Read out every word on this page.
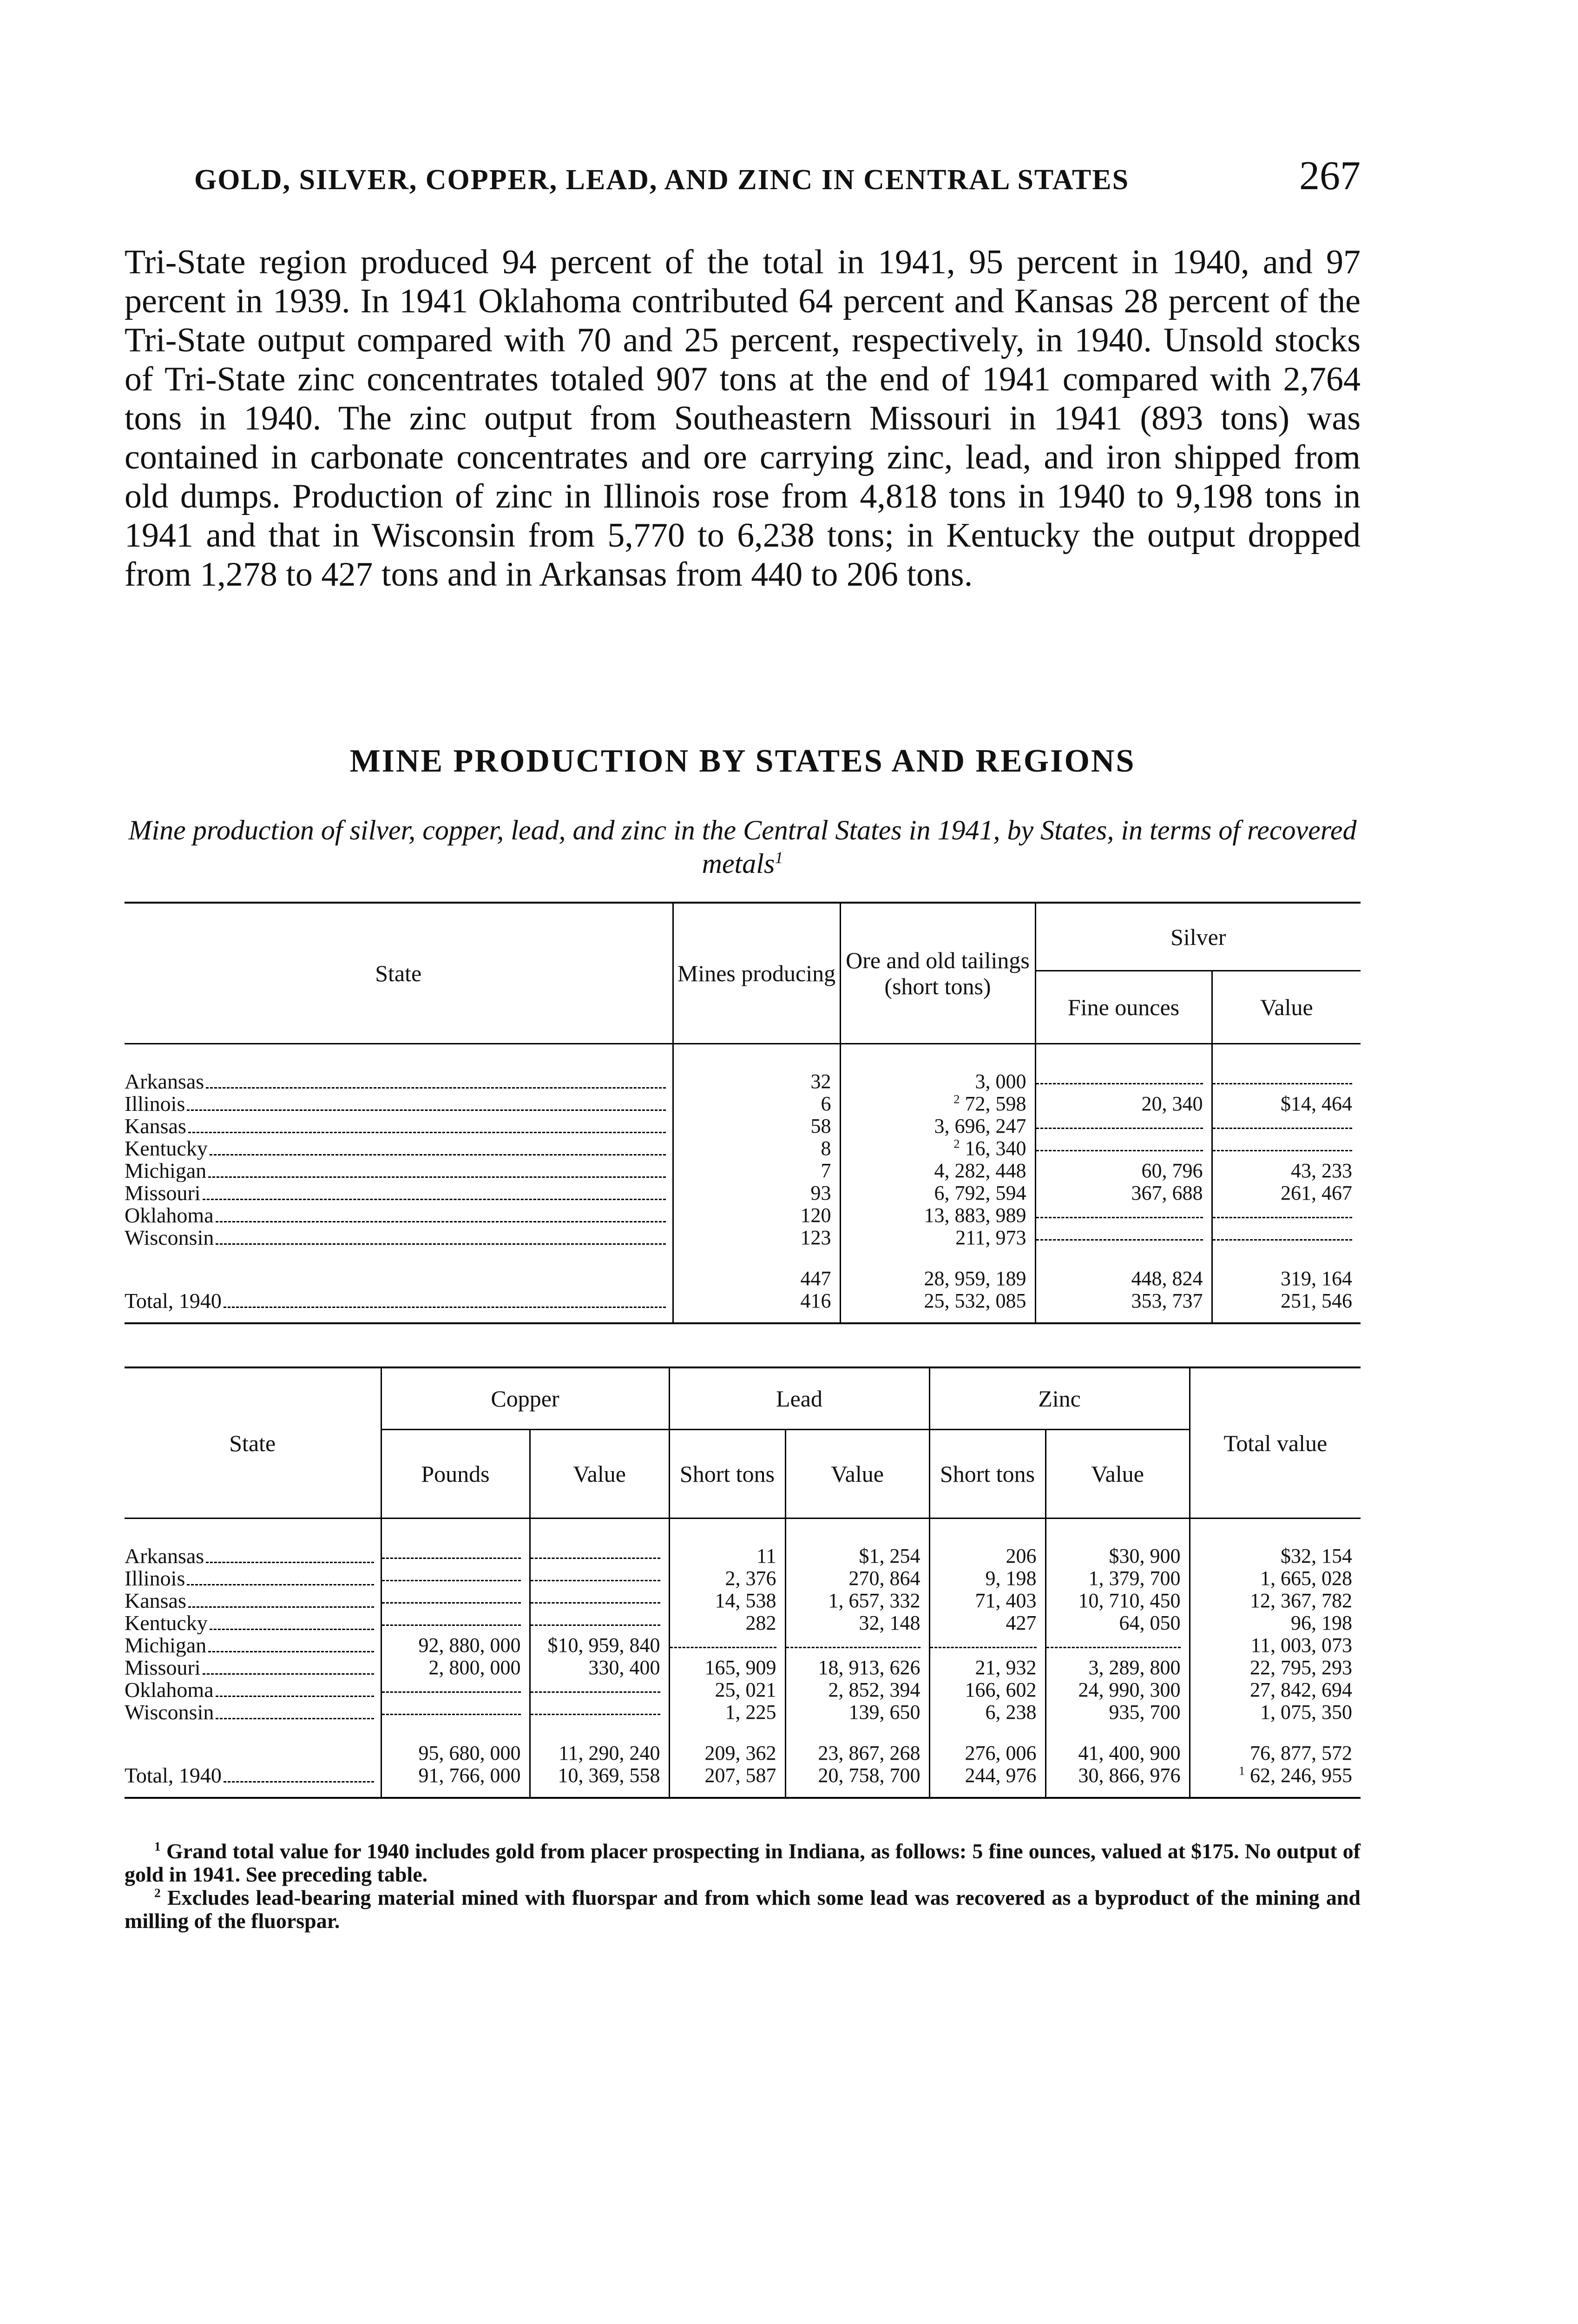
GOLD, SILVER, COPPER, LEAD, AND ZINC IN CENTRAL STATES	267

Tri-State region produced 94 percent of the total in 1941, 95 percent in 1940, and 97 percent in 1939. In 1941 Oklahoma contributed 64 percent and Kansas 28 percent of the Tri-State output compared with 70 and 25 percent, respectively, in 1940. Unsold stocks of Tri-State zinc concentrates totaled 907 tons at the end of 1941 compared with 2,764 tons in 1940. The zinc output from Southeastern Missouri in 1941 (893 tons) was contained in carbonate concentrates and ore carrying zinc, lead, and iron shipped from old dumps. Production of zinc in Illinois rose from 4,818 tons in 1940 to 9,198 tons in 1941 and that in Wisconsin from 5,770 to 6,238 tons; in Kentucky the output dropped from 1,278 to 427 tons and in Arkansas from 440 to 206 tons.

MINE PRODUCTION BY STATES AND REGIONS
Mine production of silver, copper, lead, and zinc in the Central States in 1941, by States, in terms of recovered metals$^1$
State	Mines producing	Ore and old tailings (short tons)	Silver	
			Fine ounces	Value

Arkansas	32	3, 000		

Illinois	6	$^2$ 72, 598	20, 340	$14, 464

Kansas	58	3, 696, 247		

Kentucky	8	$^2$ 16, 340		

Michigan	7	4, 282, 448	60, 796	43, 233

Missouri	93	6, 792, 594	367, 688	261, 467

Oklahoma	120	13, 883, 989		

Wisconsin	123	211, 973		
	447	28, 959, 189	448, 824	319, 164

Total, 1940	416	25, 532, 085	353, 737	251, 546
State	Copper		Lead		Zinc		Total value
	Pounds	Value	Short tons	Value	Short tons	Value	

Arkansas			11	$1, 254	206	$30, 900	$32, 154

Illinois			2, 376	270, 864	9, 198	1, 379, 700	1, 665, 028

Kansas			14, 538	1, 657, 332	71, 403	10, 710, 450	12, 367, 782

Kentucky			282	32, 148	427	64, 050	96, 198

Michigan	92, 880, 000	$10, 959, 840					11, 003, 073

Missouri	2, 800, 000	330, 400	165, 909	18, 913, 626	21, 932	3, 289, 800	22, 795, 293

Oklahoma			25, 021	2, 852, 394	166, 602	24, 990, 300	27, 842, 694

Wisconsin			1, 225	139, 650	6, 238	935, 700	1, 075, 350
	95, 680, 000	11, 290, 240	209, 362	23, 867, 268	276, 006	41, 400, 900	76, 877, 572

Total, 1940	91, 766, 000	10, 369, 558	207, 587	20, 758, 700	244, 976	30, 866, 976	$^1$ 62, 246, 955

$^1$ Grand total value for 1940 includes gold from placer prospecting in Indiana, as follows: 5 fine ounces, valued at $175. No output of gold in 1941. See preceding table.

$^2$ Excludes lead-bearing material mined with fluorspar and from which some lead was recovered as a byproduct of the mining and milling of the fluorspar.
